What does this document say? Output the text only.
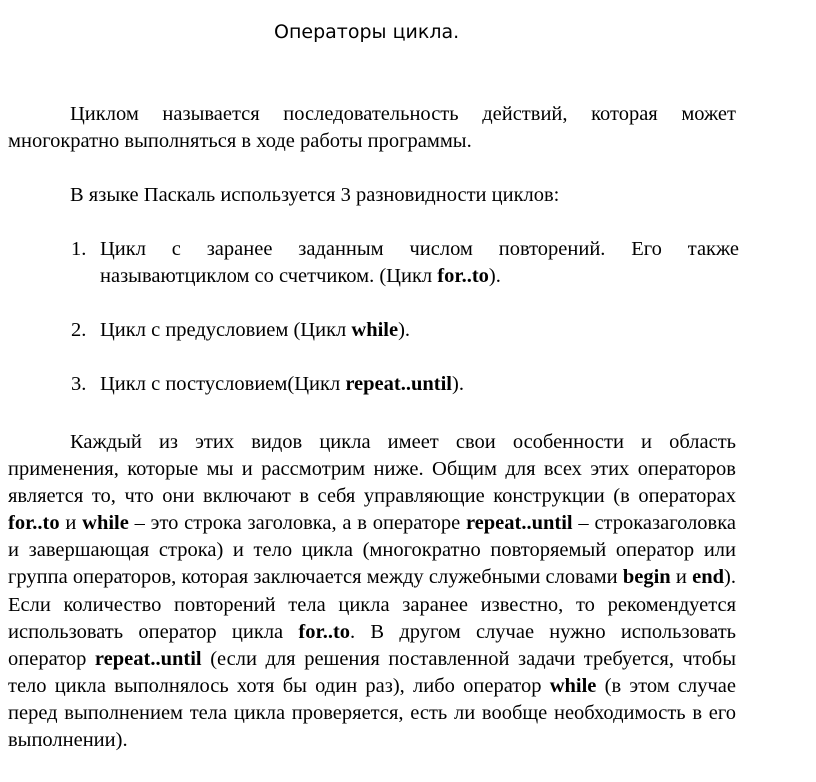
Операторы цикла.

Циклом называется последовательность действий, которая может многократно выполняться в ходе работы программы.

В языке Паскаль используется 3 разновидности циклов:

1. Цикл с заранее заданным числом повторений. Его также называютциклом со счетчиком. (Цикл for..to).
2. Цикл с предусловием (Цикл while).
3. Цикл с постусловием(Цикл repeat..until).

Каждый из этих видов цикла имеет свои особенности и область применения, которые мы и рассмотрим ниже. Общим для всех этих операторов является то, что они включают в себя управляющие конструкции (в операторах for..to и while – это строка заголовка, а в операторе repeat..until – строказаголовка и завершающая строка) и тело цикла (многократно повторяемый оператор или группа операторов, которая заключается между служебными словами begin и end). Если количество повторений тела цикла заранее известно, то рекомендуется использовать оператор цикла for..to. В другом случае нужно использовать оператор repeat..until (если для решения поставленной задачи требуется, чтобы тело цикла выполнялось хотя бы один раз), либо оператор while (в этом случае перед выполнением тела цикла проверяется, есть ли вообще необходимость в его выполнении).
